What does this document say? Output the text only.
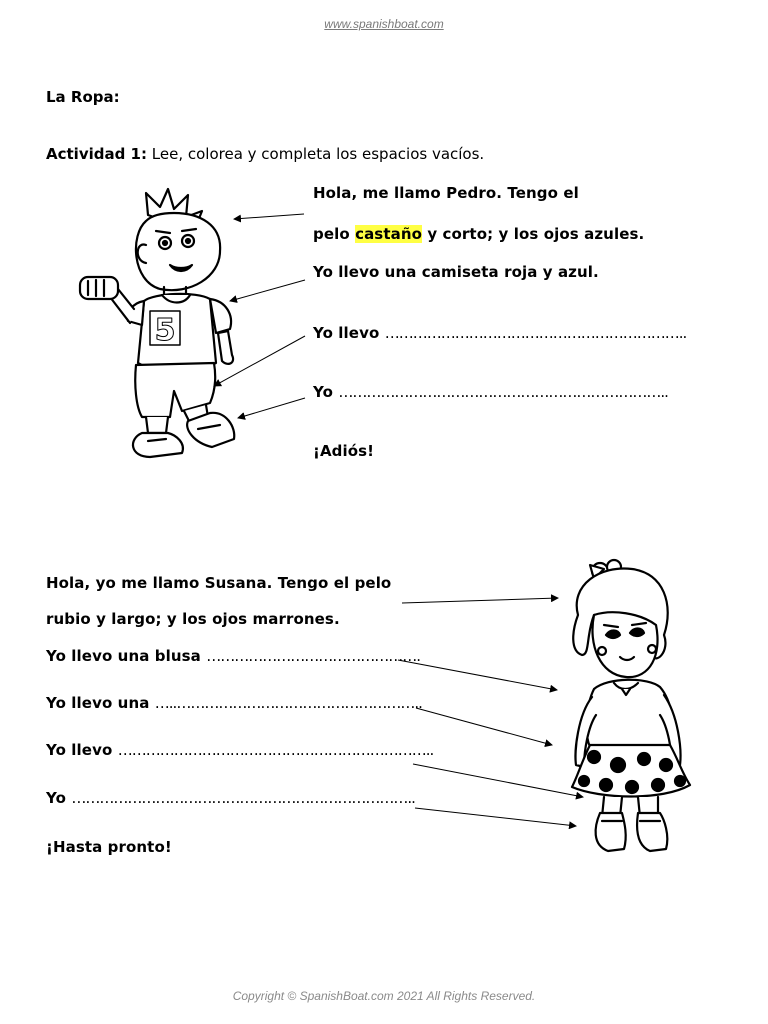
www.spanishboat.com
La Ropa:
Actividad 1: Lee, colorea y completa los espacios vacíos.
Hola, me llamo Pedro. Tengo el
pelo castaño y corto; y los ojos azules.
Yo llevo una camiseta roja y azul.
Yo llevo ………………………………………………………..
Yo ……………………………………………………………..
¡Adiós!
Hola, yo me llamo Susana. Tengo el pelo
rubio y largo; y los ojos marrones.
Yo llevo una blusa ……………………………………….
Yo llevo una …..……………………………………………..
Yo llevo …………………………………………………………..
Yo ………………………………………………………………..
¡Hasta pronto!
5
Copyright © SpanishBoat.com 2021 All Rights Reserved.
